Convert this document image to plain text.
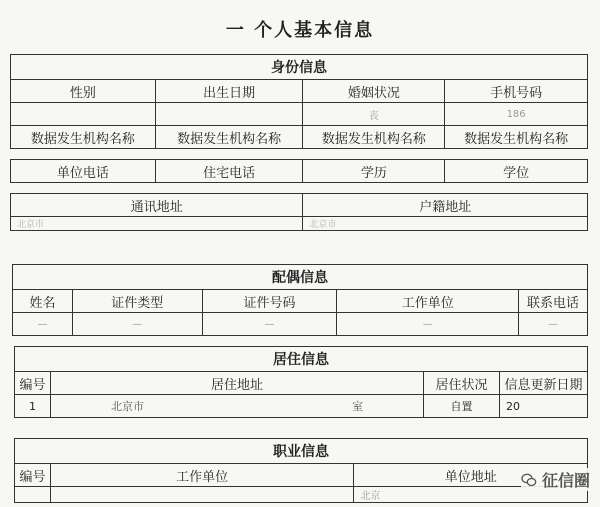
一 个人基本信息
身份信息			
性别	出生日期	婚姻状况	手机号码
		丧	186
数据发生机构名称	数据发生机构名称	数据发生机构名称	数据发生机构名称

单位电话	住宅电话	学历	学位

通讯地址		户籍地址	
北京市		北京市	
配偶信息				
姓名	证件类型	证件号码	工作单位	联系电话
—	—	—	—	—
居住信息				
编号	居住地址		居住状况	信息更新日期
1	北京市	室	自置	20
职业信息		
编号	工作单位	单位地址
		北京
征信圈
